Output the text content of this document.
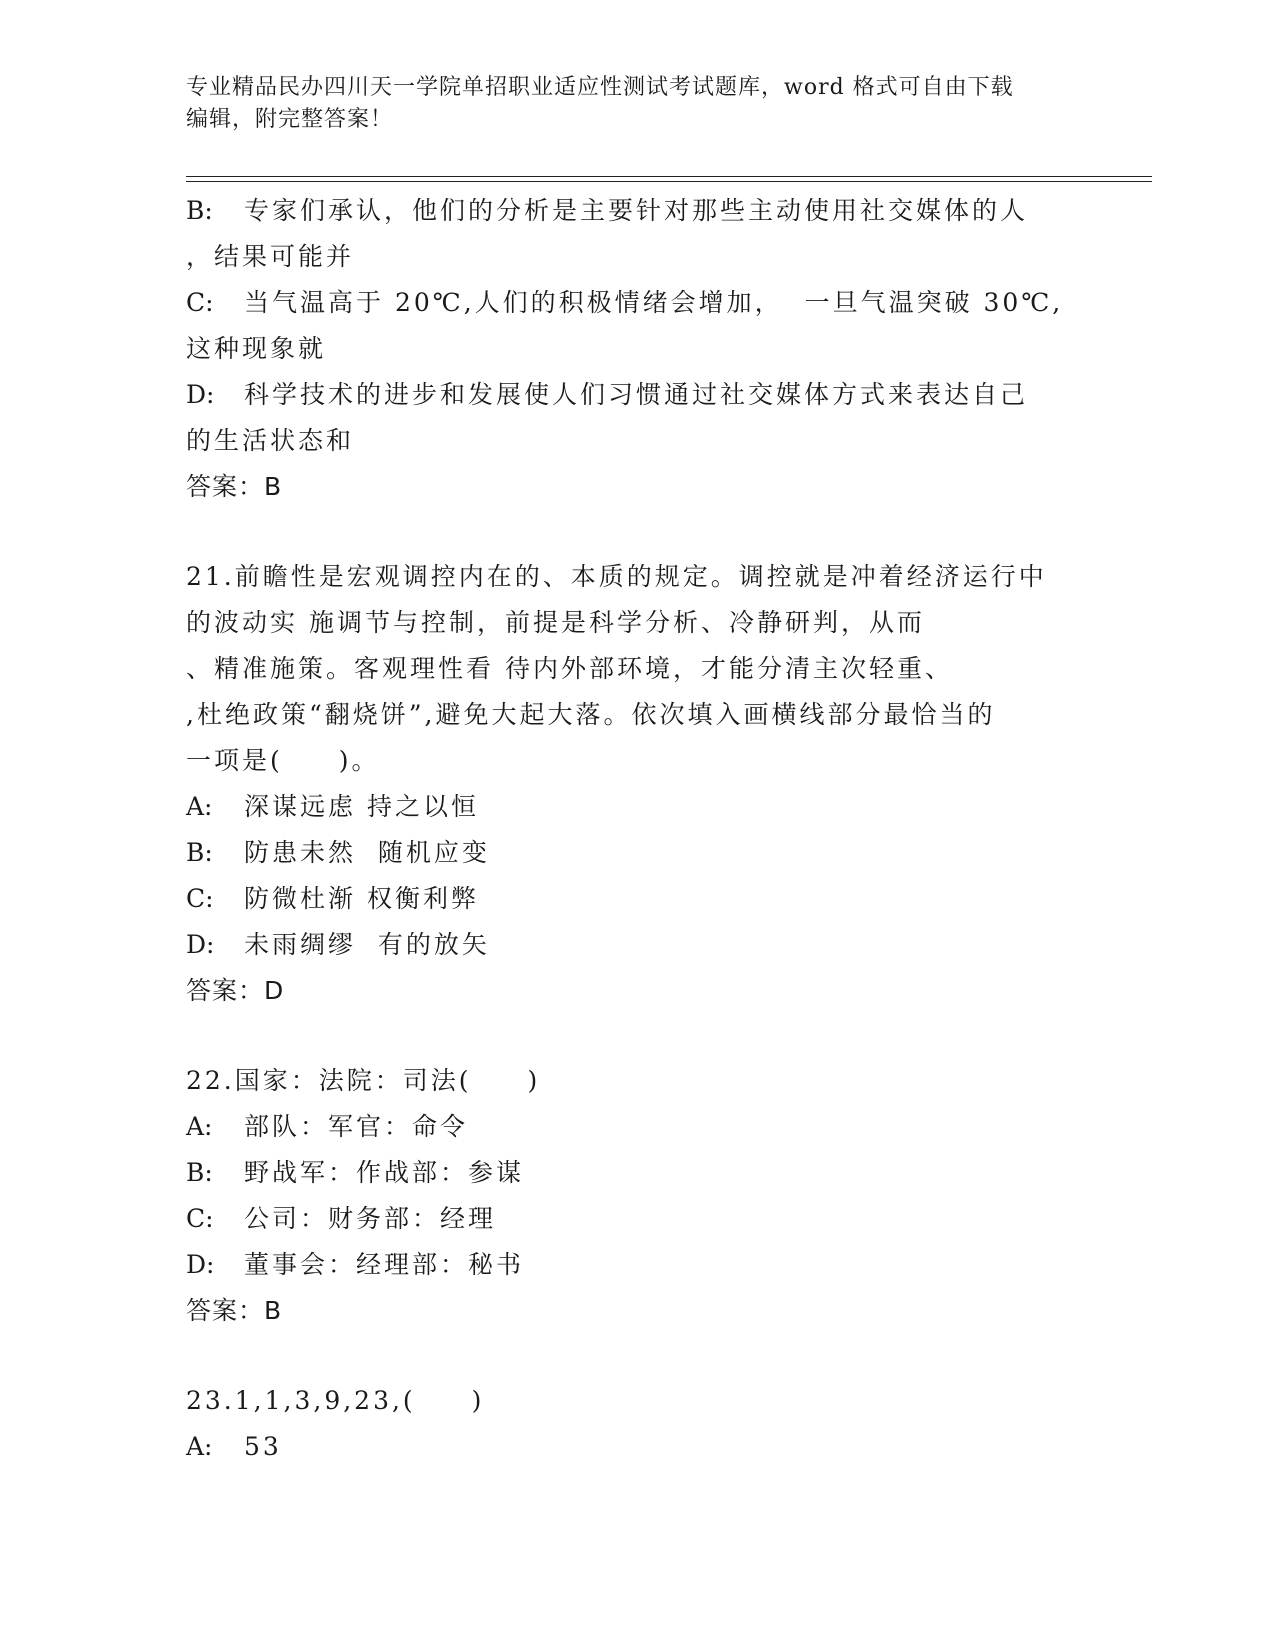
专业精品民办四川天一学院单招职业适应性测试考试题库，word 格式可自由下载
编辑，附完整答案！
B: 专家们承认，他们的分析是主要针对那些主动使用社交媒体的人
，结果可能并
C: 当气温高于 20℃,人们的积极情绪会增加，  一旦气温突破 30℃,
这种现象就
D: 科学技术的进步和发展使人们习惯通过社交媒体方式来表达自己
的生活状态和
答案：B
21.前瞻性是宏观调控内在的、本质的规定。调控就是冲着经济运行中
的波动实 施调节与控制，前提是科学分析、冷静研判，从而
、精准施策。客观理性看 待内外部环境，才能分清主次轻重、
,杜绝政策“翻烧饼”,避免大起大落。依次填入画横线部分最恰当的
一项是(　　)。
A: 深谋远虑 持之以恒
B: 防患未然  随机应变
C: 防微杜渐 权衡利弊
D: 未雨绸缪  有的放矢
答案：D
22.国家：法院：司法(　　)
A: 部队：军官：命令
B: 野战军：作战部：参谋
C: 公司：财务部：经理
D: 董事会：经理部：秘书
答案：B
23.1,1,3,9,23,(　　)
A: 53
